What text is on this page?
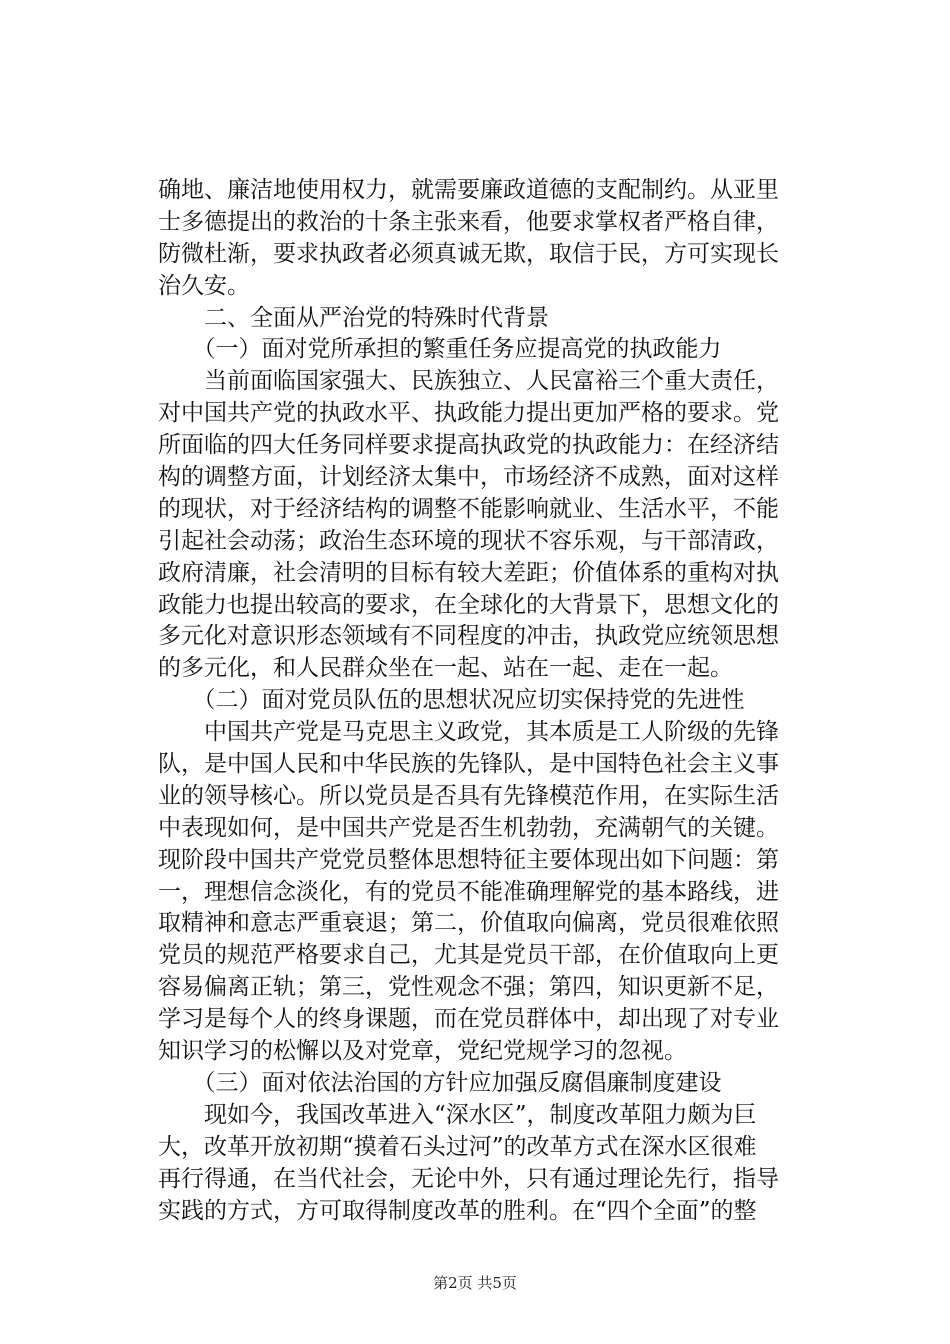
确地、廉洁地使用权力，就需要廉政道德的支配制约。从亚里
士多德提出的救治的十条主张来看，他要求掌权者严格自律，
防微杜渐，要求执政者必须真诚无欺，取信于民，方可实现长
治久安。
　　二、全面从严治党的特殊时代背景
　　（一）面对党所承担的繁重任务应提高党的执政能力
　　当前面临国家强大、民族独立、人民富裕三个重大责任，
对中国共产党的执政水平、执政能力提出更加严格的要求。党
所面临的四大任务同样要求提高执政党的执政能力：在经济结
构的调整方面，计划经济太集中，市场经济不成熟，面对这样
的现状，对于经济结构的调整不能影响就业、生活水平，不能
引起社会动荡；政治生态环境的现状不容乐观，与干部清政，
政府清廉，社会清明的目标有较大差距；价值体系的重构对执
政能力也提出较高的要求，在全球化的大背景下，思想文化的
多元化对意识形态领域有不同程度的冲击，执政党应统领思想
的多元化，和人民群众坐在一起、站在一起、走在一起。
　　（二）面对党员队伍的思想状况应切实保持党的先进性
　　中国共产党是马克思主义政党，其本质是工人阶级的先锋
队，是中国人民和中华民族的先锋队，是中国特色社会主义事
业的领导核心。所以党员是否具有先锋模范作用，在实际生活
中表现如何，是中国共产党是否生机勃勃，充满朝气的关键。
现阶段中国共产党党员整体思想特征主要体现出如下问题：第
一，理想信念淡化，有的党员不能准确理解党的基本路线，进
取精神和意志严重衰退；第二，价值取向偏离，党员很难依照
党员的规范严格要求自己，尤其是党员干部，在价值取向上更
容易偏离正轨；第三，党性观念不强；第四，知识更新不足，
学习是每个人的终身课题，而在党员群体中，却出现了对专业
知识学习的松懈以及对党章，党纪党规学习的忽视。
　　（三）面对依法治国的方针应加强反腐倡廉制度建设
　　现如今，我国改革进入“深水区”，制度改革阻力颇为巨
大，改革开放初期“摸着石头过河”的改革方式在深水区很难
再行得通，在当代社会，无论中外，只有通过理论先行，指导
实践的方式，方可取得制度改革的胜利。在“四个全面”的整
第2页 共5页
